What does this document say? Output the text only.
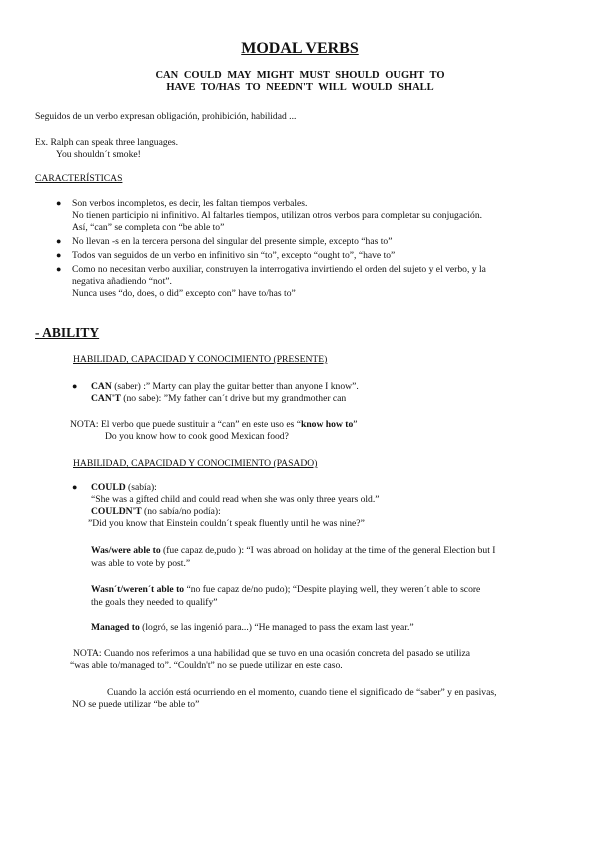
MODAL VERBS
CAN COULD MAY MIGHT MUST SHOULD OUGHT TO
HAVE TO/HAS TO NEEDN'T WILL WOULD SHALL
Seguidos de un verbo expresan obligación, prohibición, habilidad ...
Ex. Ralph can speak three languages.
You shouldn´t smoke!
CARACTERÍSTICAS
● Son verbos incompletos, es decir, les faltan tiempos verbales.
No tienen participio ni infinitivo. Al faltarles tiempos, utilizan otros verbos para completar su conjugación.
Así, “can” se completa con “be able to”
● No llevan -s en la tercera persona del singular del presente simple, excepto “has to”
● Todos van seguidos de un verbo en infinitivo sin “to”, excepto “ought to”, “have to”
● Como no necesitan verbo auxiliar, construyen la interrogativa invirtiendo el orden del sujeto y el verbo, y la
negativa añadiendo “not”.
Nunca uses “do, does, o did” excepto con” have to/has to”
- ABILITY
HABILIDAD, CAPACIDAD Y CONOCIMIENTO (PRESENTE)
● CAN (saber) :” Marty can play the guitar better than anyone I know”.
CAN'T (no sabe): ”My father can´t drive but my grandmother can
NOTA: El verbo que puede sustituir a “can” en este uso es “know how to”
Do you know how to cook good Mexican food?
HABILIDAD, CAPACIDAD Y CONOCIMIENTO (PASADO)
● COULD (sabía):
“She was a gifted child and could read when she was only three years old.”
COULDN'T (no sabía/no podía):
”Did you know that Einstein couldn´t speak fluently until he was nine?”
Was/were able to (fue capaz de,pudo ): “I was abroad on holiday at the time of the general Election but I
was able to vote by post.”
Wasn´t/weren´t able to “no fue capaz de/no pudo); “Despite playing well, they weren´t able to score
the goals they needed to qualify”
Managed to (logró, se las ingenió para...) “He managed to pass the exam last year.”
NOTA: Cuando nos referimos a una habilidad que se tuvo en una ocasión concreta del pasado se utiliza
“was able to/managed to”. “Couldn't” no se puede utilizar en este caso.
Cuando la acción está ocurriendo en el momento, cuando tiene el significado de “saber” y en pasivas,
NO se puede utilizar “be able to”
